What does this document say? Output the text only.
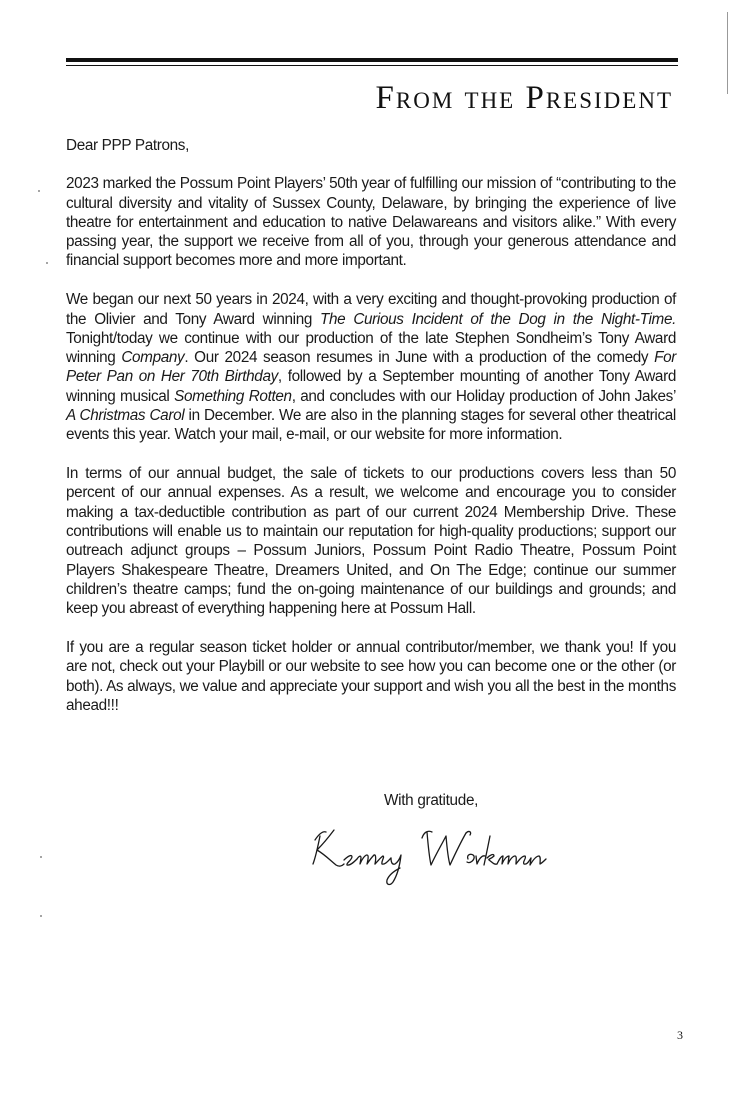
From the President

Dear PPP Patrons,

2023 marked the Possum Point Players’ 50th year of fulfilling our mission of “contributing to the cultural diversity and vitality of Sussex County, Delaware, by bringing the experience of live theatre for entertainment and education to native Delawareans and visitors alike.” With every passing year, the support we receive from all of you, through your generous attendance and financial support becomes more and more important.

We began our next 50 years in 2024, with a very exciting and thought-provoking production of the Olivier and Tony Award winning The Curious Incident of the Dog in the Night-Time. Tonight/today we continue with our production of the late Stephen Sondheim’s Tony Award winning Company. Our 2024 season resumes in June with a production of the comedy For Peter Pan on Her 70th Birthday, followed by a September mounting of another Tony Award winning musical Something Rotten, and concludes with our Holiday production of John Jakes’ A Christmas Carol in December. We are also in the planning stages for several other theatrical events this year. Watch your mail, e-mail, or our website for more information.

In terms of our annual budget, the sale of tickets to our productions covers less than 50 percent of our annual expenses. As a result, we welcome and encourage you to consider making a tax-deductible contribution as part of our current 2024 Membership Drive. These contributions will enable us to maintain our reputation for high-quality productions; support our outreach adjunct groups – Possum Juniors, Possum Point Radio Theatre, Possum Point Players Shakespeare Theatre, Dreamers United, and On The Edge; continue our summer children’s theatre camps; fund the on-going maintenance of our buildings and grounds; and keep you abreast of everything happening here at Possum Hall.

If you are a regular season ticket holder or annual contributor/member, we thank you! If you are not, check out your Playbill or our website to see how you can become one or the other (or both). As always, we value and appreciate your support and wish you all the best in the months ahead!!!

With gratitude,
3
